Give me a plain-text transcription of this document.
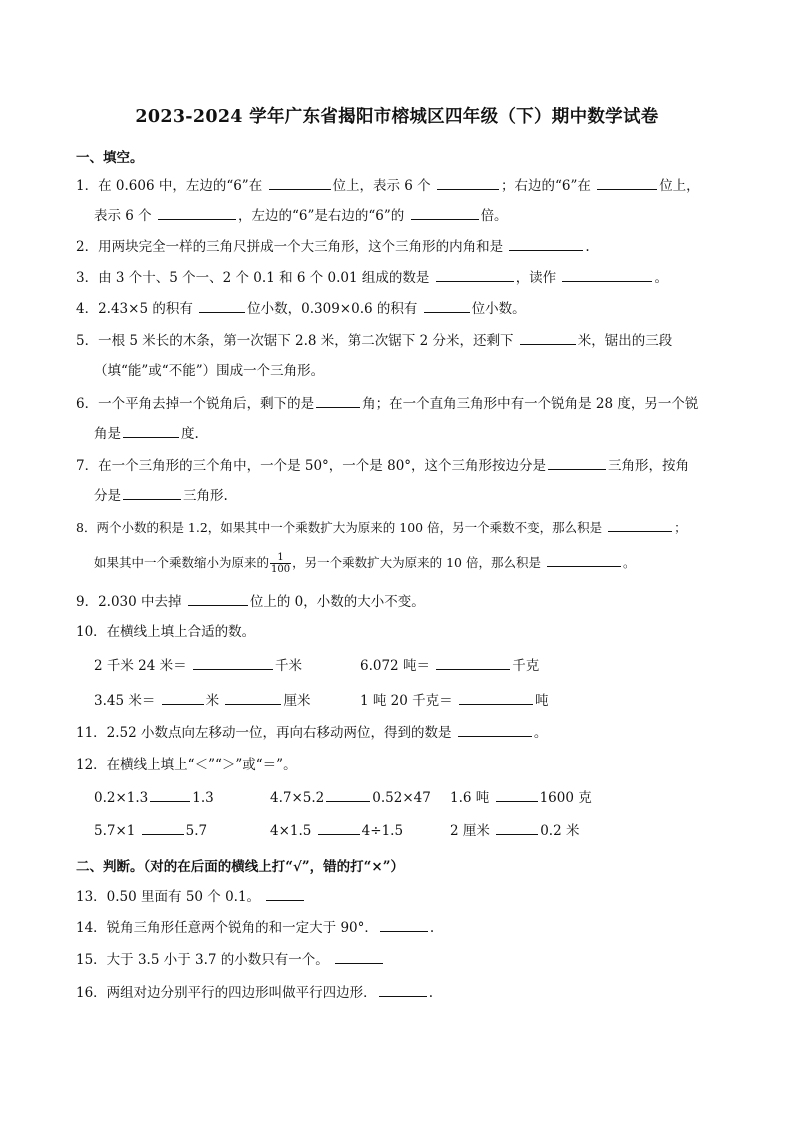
2023-2024 学年广东省揭阳市榕城区四年级（下）期中数学试卷
一、填空。
1．在 0.606 中，左边的“6”在	位上，表示 6 个	；右边的“6”在	位上，
表示 6 个	，左边的“6”是右边的“6”的	倍。
2．用两块完全一样的三角尺拼成一个大三角形，这个三角形的内角和是	.
3．由 3 个十、5 个一、2 个 0.1 和 6 个 0.01 组成的数是	，读作	。
4．2.43×5 的积有	位小数，0.309×0.6 的积有	位小数。
5．一根 5 米长的木条，第一次锯下 2.8 米，第二次锯下 2 分米，还剩下	米，锯出的三段
（填“能”或“不能”）围成一个三角形。
6．一个平角去掉一个锐角后，剩下的是	角；在一个直角三角形中有一个锐角是 28 度，另一个锐
角是	度.
7．在一个三角形的三个角中，一个是 50°，一个是 80°，这个三角形按边分是	三角形，按角
分是	三角形.
8．两个小数的积是 1.2，如果其中一个乘数扩大为原来的 100 倍，另一个乘数不变，那么积是	；
如果其中一个乘数缩小为原来的 $\frac{1}{100}$ ，另一个乘数扩大为原来的 10 倍，那么积是	。
9．2.030 中去掉	位上的 0，小数的大小不变。
10．在横线上填上合适的数。
2 千米 24 米＝	千米	6.072 吨＝	千克
3.45 米＝	米	厘米	1 吨 20 千克＝	吨
11．2.52 小数点向左移动一位，再向右移动两位，得到的数是	。
12．在横线上填上“＜”“＞”或“＝”。
0.2×1.3	1.3	4.7×5.2	0.52×47 1.6 吨	1600 克
5.7×1	5.7	4×1.5	4÷1.5	2 厘米	0.2 米
二、判断。（对的在后面的横线上打“√”，错的打“×”）
13．0.50 里面有 50 个 0.1。
14．锐角三角形任意两个锐角的和一定大于 90°．	.
15．大于 3.5 小于 3.7 的小数只有一个。
16．两组对边分别平行的四边形叫做平行四边形．	.
